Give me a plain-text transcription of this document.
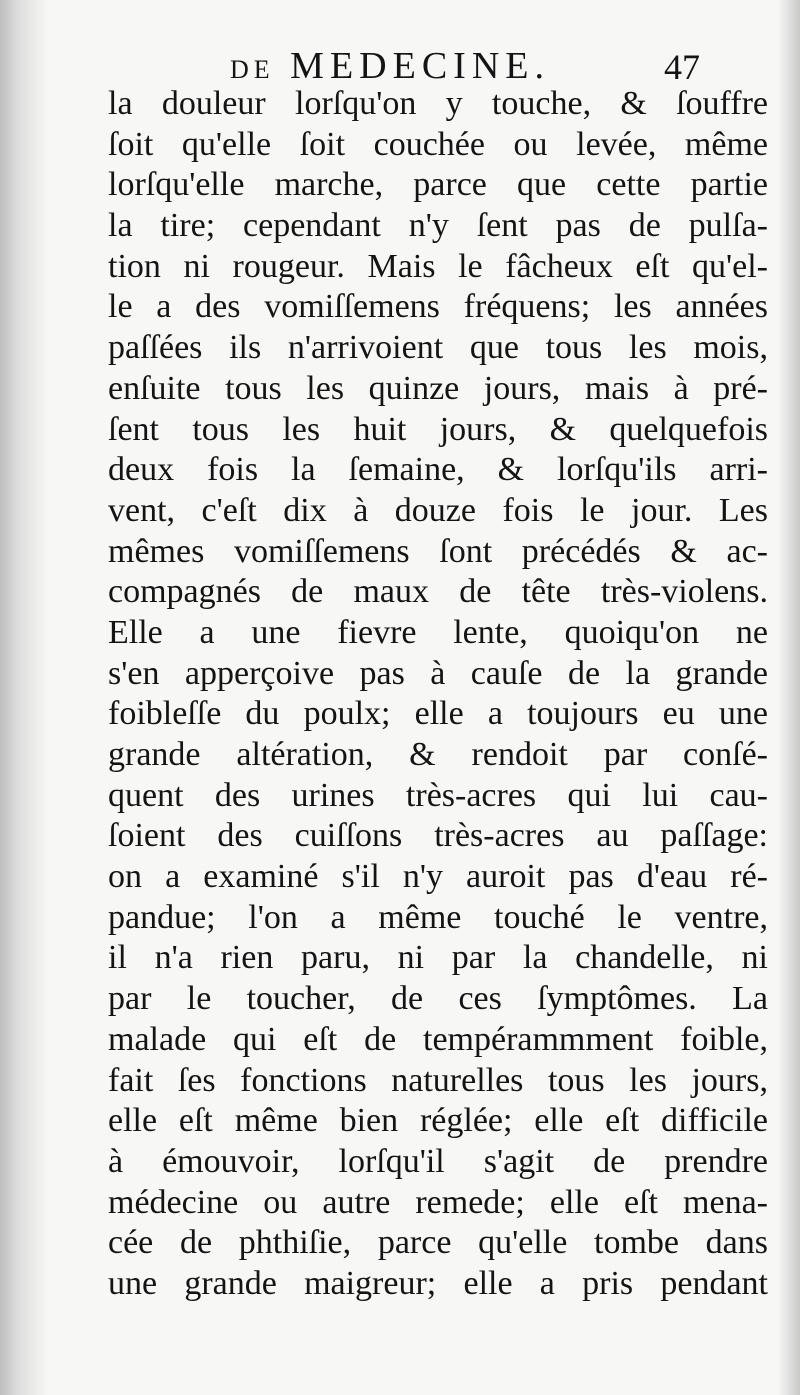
DE MEDECINE.	47
la douleur lorſqu'on y touche, & ſouffre
ſoit qu'elle ſoit couchée ou levée, même
lorſqu'elle marche, parce que cette partie
la tire; cependant n'y ſent pas de pulſa-
tion ni rougeur. Mais le fâcheux eſt qu'el-
le a des vomiſſemens fréquens; les années
paſſées ils n'arrivoient que tous les mois,
enſuite tous les quinze jours, mais à pré-
ſent tous les huit jours, & quelquefois
deux fois la ſemaine, & lorſqu'ils arri-
vent, c'eſt dix à douze fois le jour. Les
mêmes vomiſſemens ſont précédés & ac-
compagnés de maux de tête très-violens.
Elle a une fievre lente, quoiqu'on ne
s'en apperçoive pas à cauſe de la grande
foibleſſe du poulx; elle a toujours eu une
grande altération, & rendoit par conſé-
quent des urines très-acres qui lui cau-
ſoient des cuiſſons très-acres au paſſage:
on a examiné s'il n'y auroit pas d'eau ré-
pandue; l'on a même touché le ventre,
il n'a rien paru, ni par la chandelle, ni
par le toucher, de ces ſymptômes. La
malade qui eſt de tempérammment foible,
fait ſes fonctions naturelles tous les jours,
elle eſt même bien réglée; elle eſt difficile
à émouvoir, lorſqu'il s'agit de prendre
médecine ou autre remede; elle eſt mena-
cée de phthiſie, parce qu'elle tombe dans
une grande maigreur; elle a pris pendant
